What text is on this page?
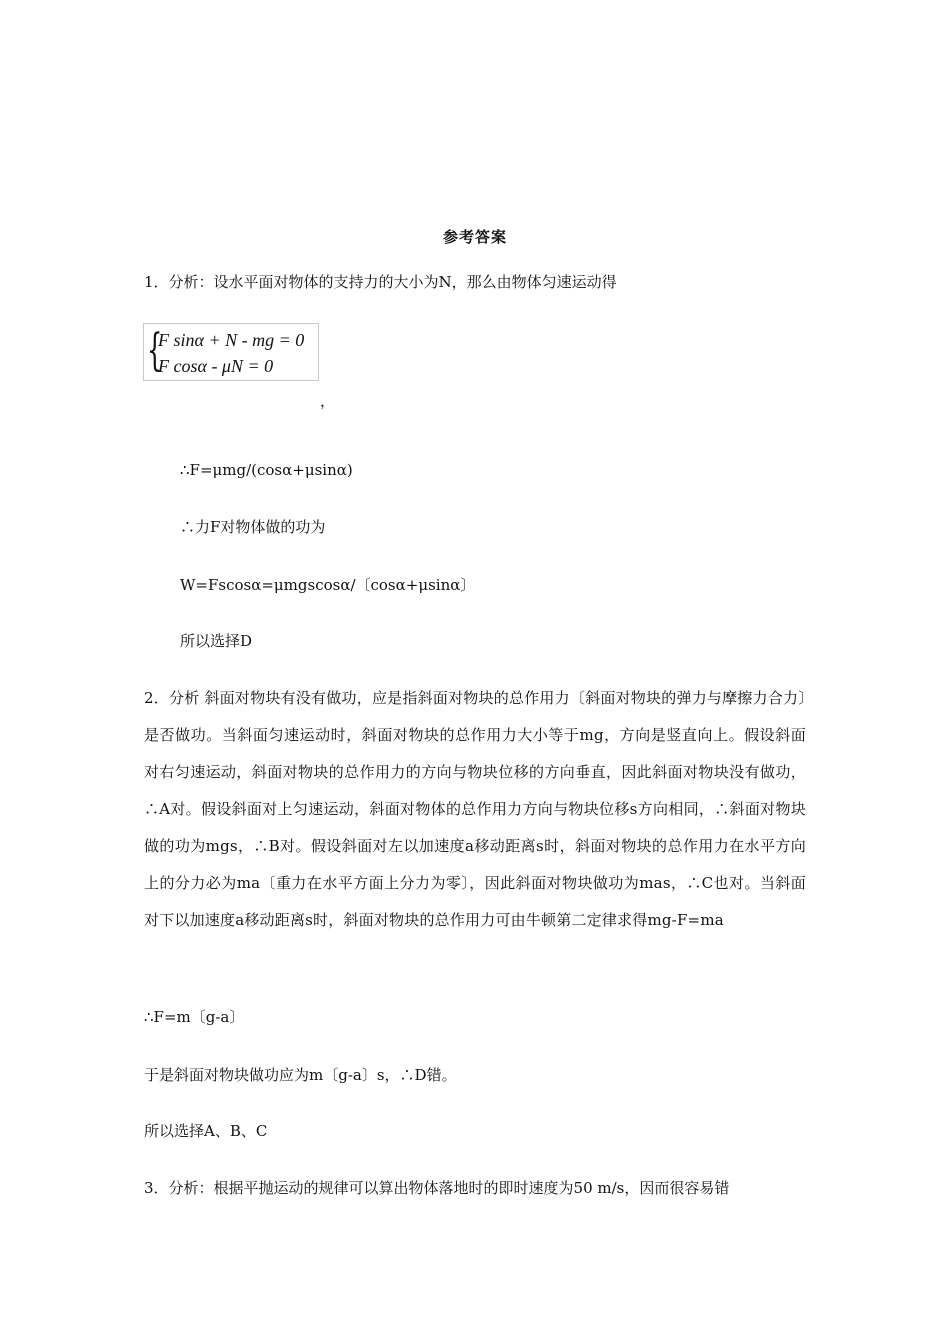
参考答案
1．分析：设水平面对物体的支持力的大小为N，那么由物体匀速运动得
{
F sinα + N - mg = 0
F cosα - μN = 0
，
∴F=μmg/(cosα+μsinα)
∴力F对物体做的功为
W=Fscosα=μmgscosα/〔cosα+μsinα〕
所以选择D
2．分析 斜面对物块有没有做功，应是指斜面对物块的总作用力〔斜面对物块的弹力与摩擦力合力〕是否做功。当斜面匀速运动时，斜面对物块的总作用力大小等于mg，方向是竖直向上。假设斜面对右匀速运动，斜面对物块的总作用力的方向与物块位移的方向垂直，因此斜面对物块没有做功，∴A对。假设斜面对上匀速运动，斜面对物体的总作用力方向与物块位移s方向相同，∴斜面对物块做的功为mgs，∴B对。假设斜面对左以加速度a移动距离s时，斜面对物块的总作用力在水平方向上的分力必为ma〔重力在水平方面上分力为零〕，因此斜面对物块做功为mas，∴C也对。当斜面对下以加速度a移动距离s时，斜面对物块的总作用力可由牛顿第二定律求得mg-F=ma
∴F=m〔g-a〕
于是斜面对物块做功应为m〔g-a〕s，∴D错。
所以选择A、B、C
3．分析：根据平抛运动的规律可以算出物体落地时的即时速度为50 m/s，因而很容易错
